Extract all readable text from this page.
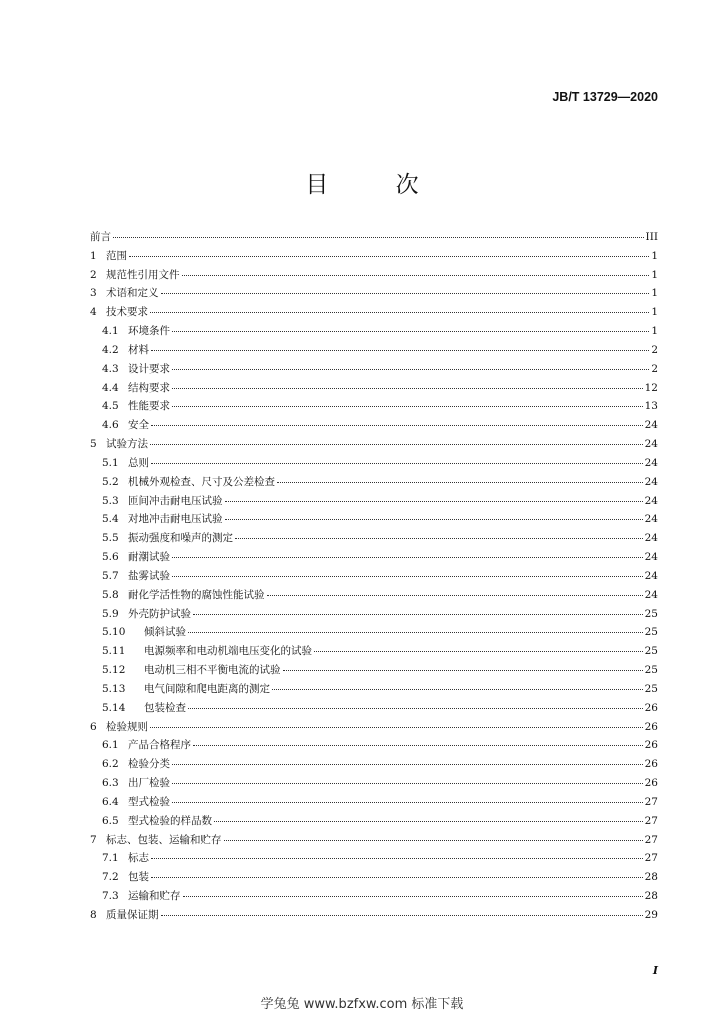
JB/T 13729—2020
目 次
前言	III
1 范围	1
2 规范性引用文件	1
3 术语和定义	1
4 技术要求	1
4.1 环境条件	1
4.2 材料	2
4.3 设计要求	2
4.4 结构要求	12
4.5 性能要求	13
4.6 安全	24
5 试验方法	24
5.1 总则	24
5.2 机械外观检查、尺寸及公差检查	24
5.3 匝间冲击耐电压试验	24
5.4 对地冲击耐电压试验	24
5.5 振动强度和噪声的测定	24
5.6 耐潮试验	24
5.7 盐雾试验	24
5.8 耐化学活性物的腐蚀性能试验	24
5.9 外壳防护试验	25
5.10	倾斜试验	25
5.11	电源频率和电动机端电压变化的试验	25
5.12	电动机三相不平衡电流的试验	25
5.13	电气间隙和爬电距离的测定	25
5.14	包装检查	26
6 检验规则	26
6.1 产品合格程序	26
6.2 检验分类	26
6.3 出厂检验	26
6.4 型式检验	27
6.5 型式检验的样品数	27
7 标志、包装、运输和贮存	27
7.1 标志	27
7.2 包装	28
7.3 运输和贮存	28
8 质量保证期	29
I
学兔兔 www.bzfxw.com 标准下载
